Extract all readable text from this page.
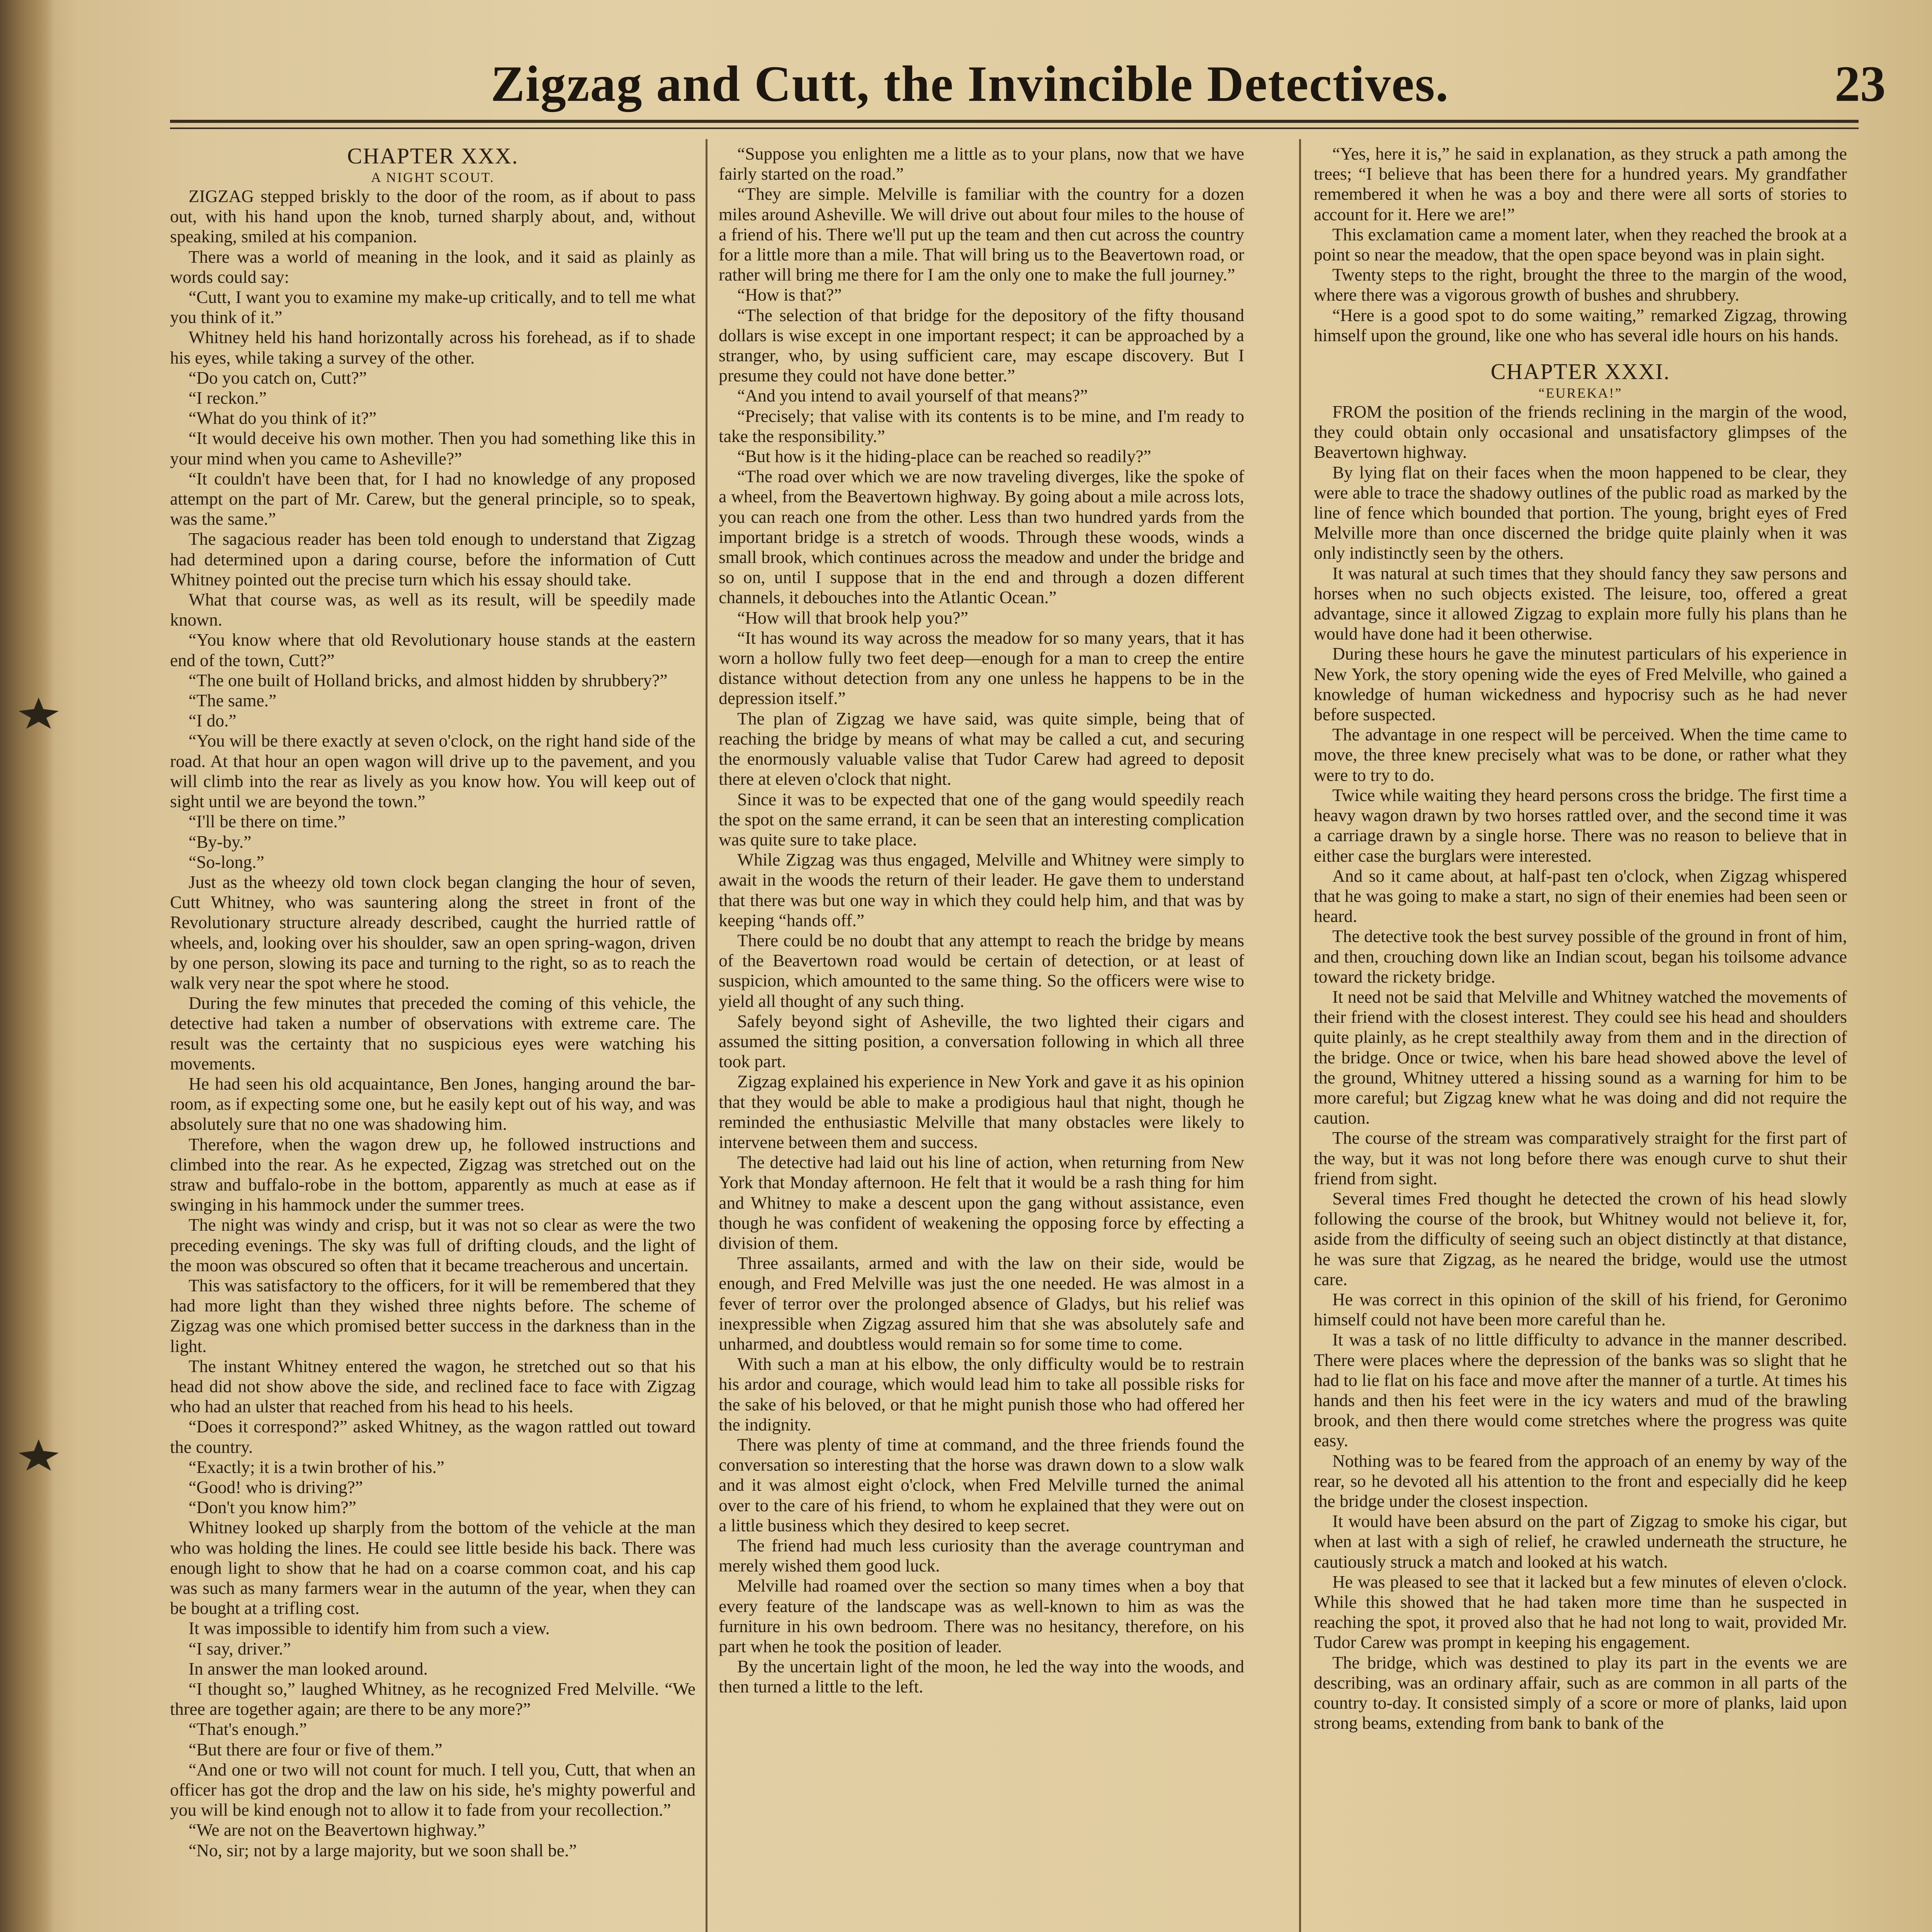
Zigzag and Cutt, the Invincible Detectives.	23

CHAPTER XXX.

A NIGHT SCOUT.

ZIGZAG stepped briskly to the door of the room, as if about to pass out, with his hand upon the knob, turned sharply about, and, without speaking, smiled at his companion.

There was a world of meaning in the look, and it said as plainly as words could say:

“Cutt, I want you to examine my make-up critically, and to tell me what you think of it.”

Whitney held his hand horizontally across his forehead, as if to shade his eyes, while taking a survey of the other.

“Do you catch on, Cutt?”

“I reckon.”

“What do you think of it?”

“It would deceive his own mother. Then you had something like this in your mind when you came to Asheville?”

“It couldn't have been that, for I had no knowledge of any proposed attempt on the part of Mr. Carew, but the general principle, so to speak, was the same.”

The sagacious reader has been told enough to understand that Zigzag had determined upon a daring course, before the information of Cutt Whitney pointed out the precise turn which his essay should take.

What that course was, as well as its result, will be speedily made known.

“You know where that old Revolutionary house stands at the eastern end of the town, Cutt?”

“The one built of Holland bricks, and almost hidden by shrubbery?”

“The same.”

“I do.”

“You will be there exactly at seven o'clock, on the right hand side of the road. At that hour an open wagon will drive up to the pavement, and you will climb into the rear as lively as you know how. You will keep out of sight until we are beyond the town.”

“I'll be there on time.”

“By-by.”

“So-long.”

Just as the wheezy old town clock began clanging the hour of seven, Cutt Whitney, who was sauntering along the street in front of the Revolutionary structure already described, caught the hurried rattle of wheels, and, looking over his shoulder, saw an open spring-wagon, driven by one person, slowing its pace and turning to the right, so as to reach the walk very near the spot where he stood.

During the few minutes that preceded the coming of this vehicle, the detective had taken a number of observations with extreme care. The result was the certainty that no suspicious eyes were watching his movements.

He had seen his old acquaintance, Ben Jones, hanging around the bar-room, as if expecting some one, but he easily kept out of his way, and was absolutely sure that no one was shadowing him.

Therefore, when the wagon drew up, he followed instructions and climbed into the rear. As he expected, Zigzag was stretched out on the straw and buffalo-robe in the bottom, apparently as much at ease as if swinging in his hammock under the summer trees.

The night was windy and crisp, but it was not so clear as were the two preceding evenings. The sky was full of drifting clouds, and the light of the moon was obscured so often that it became treacherous and uncertain.

This was satisfactory to the officers, for it will be remembered that they had more light than they wished three nights before. The scheme of Zigzag was one which promised better success in the darkness than in the light.

The instant Whitney entered the wagon, he stretched out so that his head did not show above the side, and reclined face to face with Zigzag who had an ulster that reached from his head to his heels.

“Does it correspond?” asked Whitney, as the wagon rattled out toward the country.

“Exactly; it is a twin brother of his.”

“Good! who is driving?”

“Don't you know him?”

Whitney looked up sharply from the bottom of the vehicle at the man who was holding the lines. He could see little beside his back. There was enough light to show that he had on a coarse common coat, and his cap was such as many farmers wear in the autumn of the year, when they can be bought at a trifling cost.

It was impossible to identify him from such a view.

“I say, driver.”

In answer the man looked around.

“I thought so,” laughed Whitney, as he recognized Fred Melville. “We three are together again; are there to be any more?”

“That's enough.”

“But there are four or five of them.”

“And one or two will not count for much. I tell you, Cutt, that when an officer has got the drop and the law on his side, he's mighty powerful and you will be kind enough not to allow it to fade from your recollection.”

“We are not on the Beavertown highway.”

“No, sir; not by a large majority, but we soon shall be.”

“Suppose you enlighten me a little as to your plans, now that we have fairly started on the road.”

“They are simple. Melville is familiar with the country for a dozen miles around Asheville. We will drive out about four miles to the house of a friend of his. There we'll put up the team and then cut across the country for a little more than a mile. That will bring us to the Beavertown road, or rather will bring me there for I am the only one to make the full journey.”

“How is that?”

“The selection of that bridge for the depository of the fifty thousand dollars is wise except in one important respect; it can be approached by a stranger, who, by using sufficient care, may escape discovery. But I presume they could not have done better.”

“And you intend to avail yourself of that means?”

“Precisely; that valise with its contents is to be mine, and I'm ready to take the responsibility.”

“But how is it the hiding-place can be reached so readily?”

“The road over which we are now traveling diverges, like the spoke of a wheel, from the Beavertown highway. By going about a mile across lots, you can reach one from the other. Less than two hundred yards from the important bridge is a stretch of woods. Through these woods, winds a small brook, which continues across the meadow and under the bridge and so on, until I suppose that in the end and through a dozen different channels, it debouches into the Atlantic Ocean.”

“How will that brook help you?”

“It has wound its way across the meadow for so many years, that it has worn a hollow fully two feet deep—enough for a man to creep the entire distance without detection from any one unless he happens to be in the depression itself.”

The plan of Zigzag we have said, was quite simple, being that of reaching the bridge by means of what may be called a cut, and securing the enormously valuable valise that Tudor Carew had agreed to deposit there at eleven o'clock that night.

Since it was to be expected that one of the gang would speedily reach the spot on the same errand, it can be seen that an interesting complication was quite sure to take place.

While Zigzag was thus engaged, Melville and Whitney were simply to await in the woods the return of their leader. He gave them to understand that there was but one way in which they could help him, and that was by keeping “hands off.”

There could be no doubt that any attempt to reach the bridge by means of the Beavertown road would be certain of detection, or at least of suspicion, which amounted to the same thing. So the officers were wise to yield all thought of any such thing.

Safely beyond sight of Asheville, the two lighted their cigars and assumed the sitting position, a conversation following in which all three took part.

Zigzag explained his experience in New York and gave it as his opinion that they would be able to make a prodigious haul that night, though he reminded the enthusiastic Melville that many obstacles were likely to intervene between them and success.

The detective had laid out his line of action, when returning from New York that Monday afternoon. He felt that it would be a rash thing for him and Whitney to make a descent upon the gang without assistance, even though he was confident of weakening the opposing force by effecting a division of them.

Three assailants, armed and with the law on their side, would be enough, and Fred Melville was just the one needed. He was almost in a fever of terror over the prolonged absence of Gladys, but his relief was inexpressible when Zigzag assured him that she was absolutely safe and unharmed, and doubtless would remain so for some time to come.

With such a man at his elbow, the only difficulty would be to restrain his ardor and courage, which would lead him to take all possible risks for the sake of his beloved, or that he might punish those who had offered her the indignity.

There was plenty of time at command, and the three friends found the conversation so interesting that the horse was drawn down to a slow walk and it was almost eight o'clock, when Fred Melville turned the animal over to the care of his friend, to whom he explained that they were out on a little business which they desired to keep secret.

The friend had much less curiosity than the average countryman and merely wished them good luck.

Melville had roamed over the section so many times when a boy that every feature of the landscape was as well-known to him as was the furniture in his own bedroom. There was no hesitancy, therefore, on his part when he took the position of leader.

By the uncertain light of the moon, he led the way into the woods, and then turned a little to the left.

“Yes, here it is,” he said in explanation, as they struck a path among the trees; “I believe that has been there for a hundred years. My grandfather remembered it when he was a boy and there were all sorts of stories to account for it. Here we are!”

This exclamation came a moment later, when they reached the brook at a point so near the meadow, that the open space beyond was in plain sight.

Twenty steps to the right, brought the three to the margin of the wood, where there was a vigorous growth of bushes and shrubbery.

“Here is a good spot to do some waiting,” remarked Zigzag, throwing himself upon the ground, like one who has several idle hours on his hands.

CHAPTER XXXI.

“EUREKA!”

FROM the position of the friends reclining in the margin of the wood, they could obtain only occasional and unsatisfactory glimpses of the Beavertown highway.

By lying flat on their faces when the moon happened to be clear, they were able to trace the shadowy outlines of the public road as marked by the line of fence which bounded that portion. The young, bright eyes of Fred Melville more than once discerned the bridge quite plainly when it was only indistinctly seen by the others.

It was natural at such times that they should fancy they saw persons and horses when no such objects existed. The leisure, too, offered a great advantage, since it allowed Zigzag to explain more fully his plans than he would have done had it been otherwise.

During these hours he gave the minutest particulars of his experience in New York, the story opening wide the eyes of Fred Melville, who gained a knowledge of human wickedness and hypocrisy such as he had never before suspected.

The advantage in one respect will be perceived. When the time came to move, the three knew precisely what was to be done, or rather what they were to try to do.

Twice while waiting they heard persons cross the bridge. The first time a heavy wagon drawn by two horses rattled over, and the second time it was a carriage drawn by a single horse. There was no reason to believe that in either case the burglars were interested.

And so it came about, at half-past ten o'clock, when Zigzag whispered that he was going to make a start, no sign of their enemies had been seen or heard.

The detective took the best survey possible of the ground in front of him, and then, crouching down like an Indian scout, began his toilsome advance toward the rickety bridge.

It need not be said that Melville and Whitney watched the movements of their friend with the closest interest. They could see his head and shoulders quite plainly, as he crept stealthily away from them and in the direction of the bridge. Once or twice, when his bare head showed above the level of the ground, Whitney uttered a hissing sound as a warning for him to be more careful; but Zigzag knew what he was doing and did not require the caution.

The course of the stream was comparatively straight for the first part of the way, but it was not long before there was enough curve to shut their friend from sight.

Several times Fred thought he detected the crown of his head slowly following the course of the brook, but Whitney would not believe it, for, aside from the difficulty of seeing such an object distinctly at that distance, he was sure that Zigzag, as he neared the bridge, would use the utmost care.

He was correct in this opinion of the skill of his friend, for Geronimo himself could not have been more careful than he.

It was a task of no little difficulty to advance in the manner described. There were places where the depression of the banks was so slight that he had to lie flat on his face and move after the manner of a turtle. At times his hands and then his feet were in the icy waters and mud of the brawling brook, and then there would come stretches where the progress was quite easy.

Nothing was to be feared from the approach of an enemy by way of the rear, so he devoted all his attention to the front and especially did he keep the bridge under the closest inspection.

It would have been absurd on the part of Zigzag to smoke his cigar, but when at last with a sigh of relief, he crawled underneath the structure, he cautiously struck a match and looked at his watch.

He was pleased to see that it lacked but a few minutes of eleven o'clock. While this showed that he had taken more time than he suspected in reaching the spot, it proved also that he had not long to wait, provided Mr. Tudor Carew was prompt in keeping his engagement.

The bridge, which was destined to play its part in the events we are describing, was an ordinary affair, such as are common in all parts of the country to-day. It consisted simply of a score or more of planks, laid upon strong beams, extending from bank to bank of the
